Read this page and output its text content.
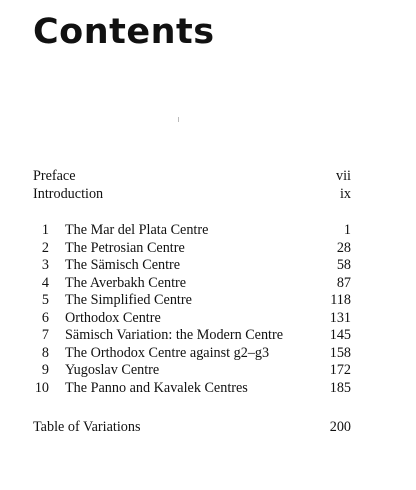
Contents
Preface	vii
Introduction	ix
1 The Mar del Plata Centre	1
2 The Petrosian Centre	28
3 The Sämisch Centre	58
4 The Averbakh Centre	87
5 The Simplified Centre	118
6 Orthodox Centre	131
7 Sämisch Variation: the Modern Centre	145
8 The Orthodox Centre against g2–g3	158
9 Yugoslav Centre	172
10 The Panno and Kavalek Centres	185
Table of Variations	200
